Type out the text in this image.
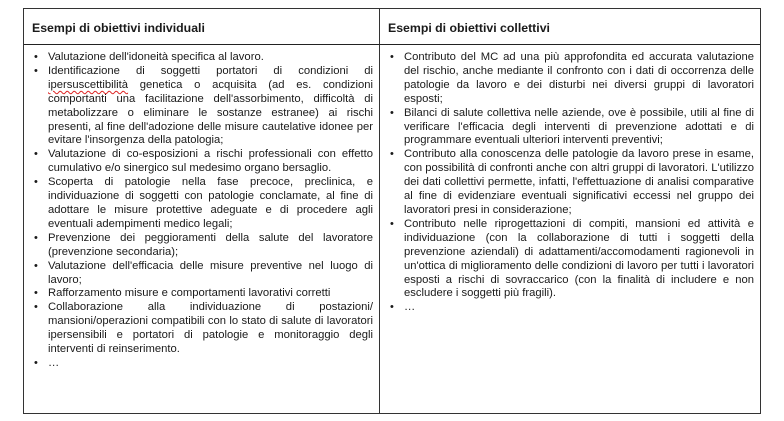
Esempi di obiettivi individuali	Esempi di obiettivi collettivi
• Valutazione dell'idoneità specifica al lavoro.
• Identificazione di soggetti portatori di condizioni di ipersuscettibilità genetica o acquisita (ad es. condizioni comportanti una facilitazione dell'assorbimento, difficoltà di metabolizzare o eliminare le sostanze estranee) ai rischi presenti, al fine dell'adozione delle misure cautelative idonee per evitare l'insorgenza della patologia;
• Valutazione di co-esposizioni a rischi professionali con effetto cumulativo e/o sinergico sul medesimo organo bersaglio.
• Scoperta di patologie nella fase precoce, preclinica, e individuazione di soggetti con patologie conclamate, al fine di adottare le misure protettive adeguate e di procedere agli eventuali adempimenti medico legali;
• Prevenzione dei peggioramenti della salute del lavoratore (prevenzione secondaria);
• Valutazione dell'efficacia delle misure preventive nel luogo di lavoro;
• Rafforzamento misure e comportamenti lavorativi corretti
• Collaborazione alla individuazione di postazioni/ mansioni/operazioni compatibili con lo stato di salute di lavoratori ipersensibili e portatori di patologie e monitoraggio degli interventi di reinserimento.
• …
• Contributo del MC ad una più approfondita ed accurata valutazione del rischio, anche mediante il confronto con i dati di occorrenza delle patologie da lavoro e dei disturbi nei diversi gruppi di lavoratori esposti;
• Bilanci di salute collettiva nelle aziende, ove è possibile, utili al fine di verificare l'efficacia degli interventi di prevenzione adottati e di programmare eventuali ulteriori interventi preventivi;
• Contributo alla conoscenza delle patologie da lavoro prese in esame, con possibilità di confronti anche con altri gruppi di lavoratori. L'utilizzo dei dati collettivi permette, infatti, l'effettuazione di analisi comparative al fine di evidenziare eventuali significativi eccessi nel gruppo dei lavoratori presi in considerazione;
• Contributo nelle riprogettazioni di compiti, mansioni ed attività e individuazione (con la collaborazione di tutti i soggetti della prevenzione aziendali) di adattamenti/accomodamenti ragionevoli in un'ottica di miglioramento delle condizioni di lavoro per tutti i lavoratori esposti a rischi di sovraccarico (con la finalità di includere e non escludere i soggetti più fragili).
• …
